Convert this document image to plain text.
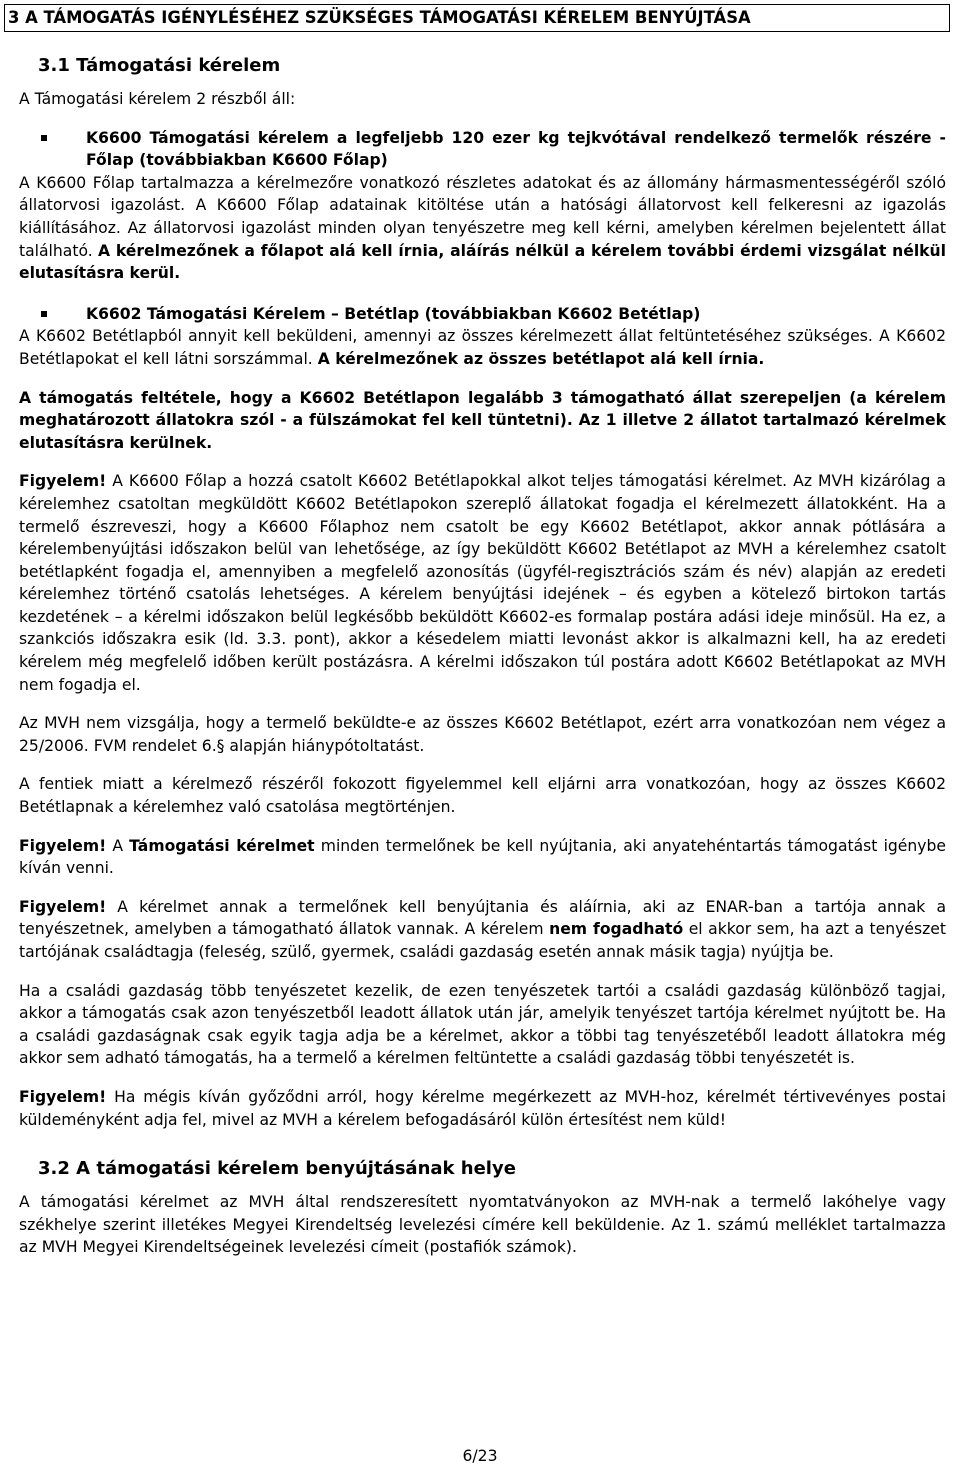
3 A TÁMOGATÁS IGÉNYLÉSÉHEZ SZÜKSÉGES TÁMOGATÁSI KÉRELEM BENYÚJTÁSA
3.1 Támogatási kérelem

A Támogatási kérelem 2 részből áll:

K6600 Támogatási kérelem a legfeljebb 120 ezer kg tejkvótával rendelkező termelők részére - Főlap (továbbiakban K6600 Főlap)

A K6600 Főlap tartalmazza a kérelmezőre vonatkozó részletes adatokat és az állomány hármasmentességéről szóló állatorvosi igazolást. A K6600 Főlap adatainak kitöltése után a hatósági állatorvost kell felkeresni az igazolás kiállításához. Az állatorvosi igazolást minden olyan tenyészetre meg kell kérni, amelyben kérelmen bejelentett állat található. A kérelmezőnek a főlapot alá kell írnia, aláírás nélkül a kérelem további érdemi vizsgálat nélkül elutasításra kerül.

K6602 Támogatási Kérelem – Betétlap (továbbiakban K6602 Betétlap)

A K6602 Betétlapból annyit kell beküldeni, amennyi az összes kérelmezett állat feltüntetéséhez szükséges. A K6602 Betétlapokat el kell látni sorszámmal. A kérelmezőnek az összes betétlapot alá kell írnia.

A támogatás feltétele, hogy a K6602 Betétlapon legalább 3 támogatható állat szerepeljen (a kérelem meghatározott állatokra szól - a fülszámokat fel kell tüntetni). Az 1 illetve 2 állatot tartalmazó kérelmek elutasításra kerülnek.

Figyelem! A K6600 Főlap a hozzá csatolt K6602 Betétlapokkal alkot teljes támogatási kérelmet. Az MVH kizárólag a kérelemhez csatoltan megküldött K6602 Betétlapokon szereplő állatokat fogadja el kérelmezett állatokként. Ha a termelő észreveszi, hogy a K6600 Főlaphoz nem csatolt be egy K6602 Betétlapot, akkor annak pótlására a kérelembenyújtási időszakon belül van lehetősége, az így beküldött K6602 Betétlapot az MVH a kérelemhez csatolt betétlapként fogadja el, amennyiben a megfelelő azonosítás (ügyfél-regisztrációs szám és név) alapján az eredeti kérelemhez történő csatolás lehetséges. A kérelem benyújtási idejének – és egyben a kötelező birtokon tartás kezdetének – a kérelmi időszakon belül legkésőbb beküldött K6602-es formalap postára adási ideje minősül. Ha ez, a szankciós időszakra esik (ld. 3.3. pont), akkor a késedelem miatti levonást akkor is alkalmazni kell, ha az eredeti kérelem még megfelelő időben került postázásra. A kérelmi időszakon túl postára adott K6602 Betétlapokat az MVH nem fogadja el.

Az MVH nem vizsgálja, hogy a termelő beküldte-e az összes K6602 Betétlapot, ezért arra vonatkozóan nem végez a 25/2006. FVM rendelet 6.§ alapján hiánypótoltatást.

A fentiek miatt a kérelmező részéről fokozott figyelemmel kell eljárni arra vonatkozóan, hogy az összes K6602 Betétlapnak a kérelemhez való csatolása megtörténjen.

Figyelem! A Támogatási kérelmet minden termelőnek be kell nyújtania, aki anyatehéntartás támogatást igénybe kíván venni.

Figyelem! A kérelmet annak a termelőnek kell benyújtania és aláírnia, aki az ENAR-ban a tartója annak a tenyészetnek, amelyben a támogatható állatok vannak. A kérelem nem fogadható el akkor sem, ha azt a tenyészet tartójának családtagja (feleség, szülő, gyermek, családi gazdaság esetén annak másik tagja) nyújtja be.

Ha a családi gazdaság több tenyészetet kezelik, de ezen tenyészetek tartói a családi gazdaság különböző tagjai, akkor a támogatás csak azon tenyészetből leadott állatok után jár, amelyik tenyészet tartója kérelmet nyújtott be. Ha a családi gazdaságnak csak egyik tagja adja be a kérelmet, akkor a többi tag tenyészetéből leadott állatokra még akkor sem adható támogatás, ha a termelő a kérelmen feltüntette a családi gazdaság többi tenyészetét is.

Figyelem! Ha mégis kíván győződni arról, hogy kérelme megérkezett az MVH-hoz, kérelmét tértivevényes postai küldeményként adja fel, mivel az MVH a kérelem befogadásáról külön értesítést nem küld!

3.2 A támogatási kérelem benyújtásának helye

A támogatási kérelmet az MVH által rendszeresített nyomtatványokon az MVH-nak a termelő lakóhelye vagy székhelye szerint illetékes Megyei Kirendeltség levelezési címére kell beküldenie. Az 1. számú melléklet tartalmazza az MVH Megyei Kirendeltségeinek levelezési címeit (postafiók számok).

6/23
